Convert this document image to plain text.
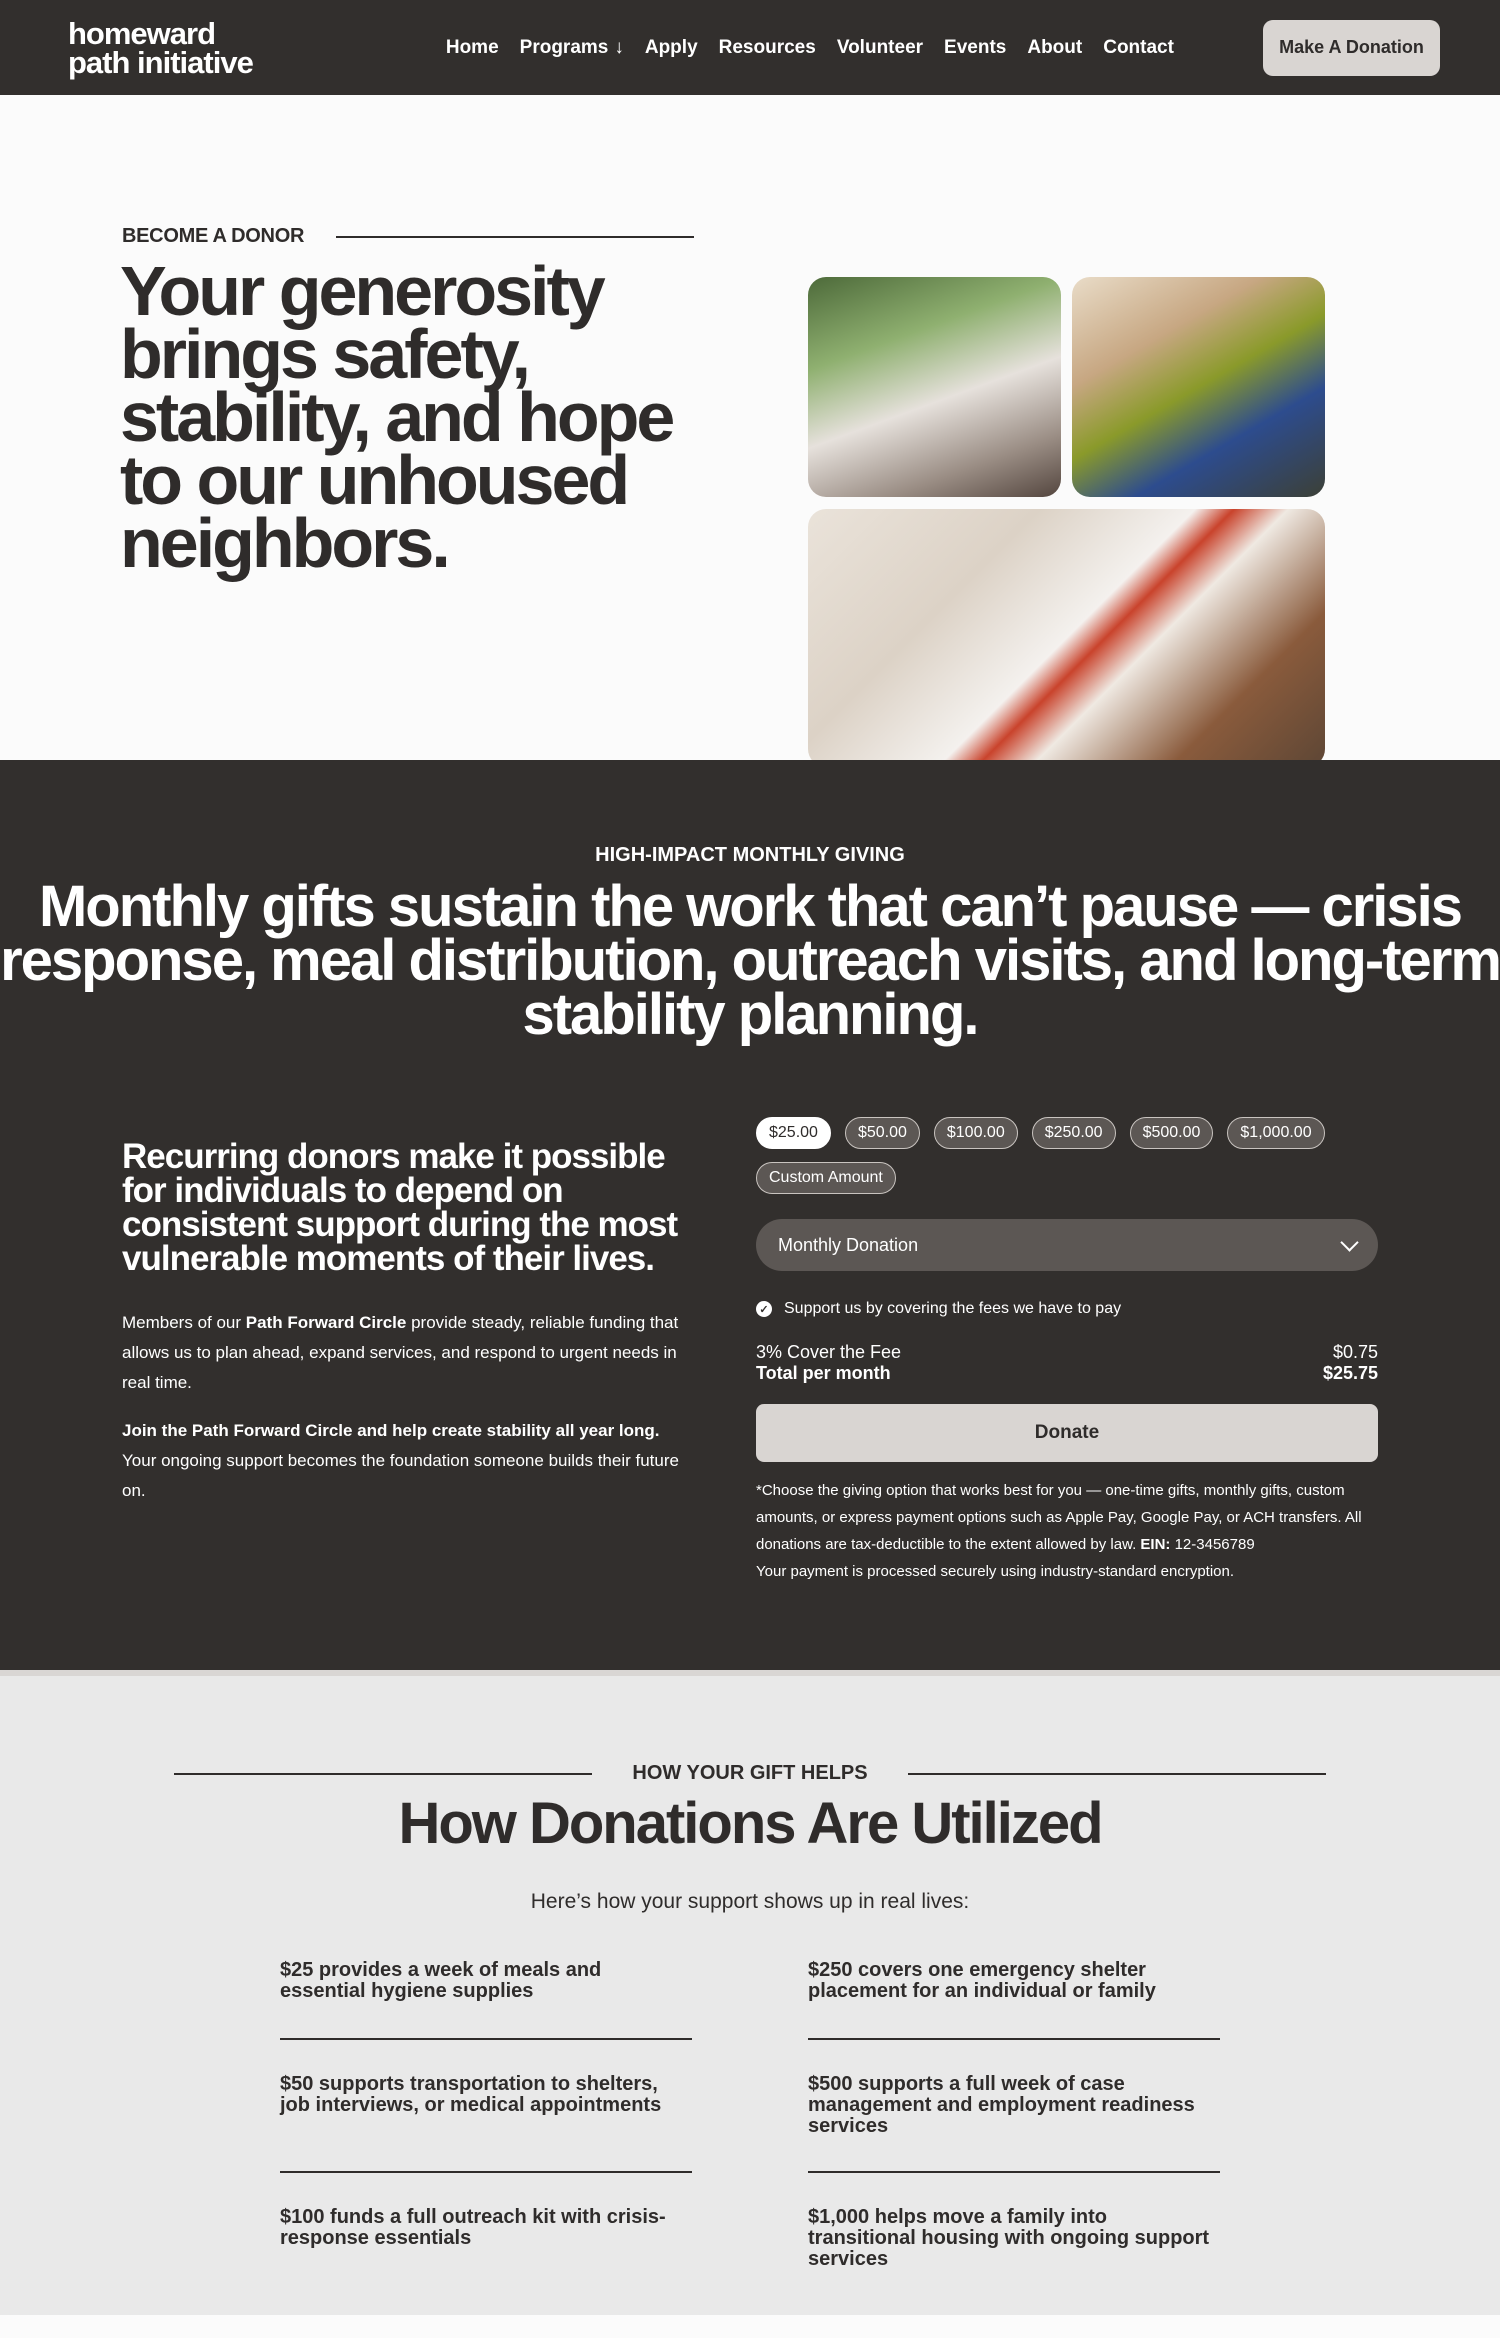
homeward
path initiative	Home Programs ↓ Apply Resources Volunteer Events About Contact	Make A Donation
BECOME A DONOR
Your generosity brings safety, stability, and hope to our unhoused neighbors.
HIGH-IMPACT MONTHLY GIVING
Monthly gifts sustain the work that can’t pause — crisis response, meal distribution, outreach visits, and long-term stability planning.

Recurring donors make it possible for individuals to depend on consistent support during the most vulnerable moments of their lives.

Members of our Path Forward Circle provide steady, reliable funding that allows us to plan ahead, expand services, and respond to urgent needs in real time.

Join the Path Forward Circle and help create stability all year long. Your ongoing support becomes the foundation someone builds their future on.

$25.00	$50.00	$100.00	$250.00	$500.00	$1,000.00
Custom Amount
Monthly Donation
✓ Support us by covering the fees we have to pay
3% Cover the Fee	$0.75
Total per month	$25.75
Donate

*Choose the giving option that works best for you — one-time gifts, monthly gifts, custom amounts, or express payment options such as Apple Pay, Google Pay, or ACH transfers. All donations are tax-deductible to the extent allowed by law. EIN: 12-3456789
Your payment is processed securely using industry-standard encryption.

HOW YOUR GIFT HELPS
How Donations Are Utilized

Here’s how your support shows up in real lives:

$25 provides a week of meals and essential hygiene supplies
$250 covers one emergency shelter placement for an individual or family
$50 supports transportation to shelters, job interviews, or medical appointments
$500 supports a full week of case management and employment readiness services
$100 funds a full outreach kit with crisis-response essentials
$1,000 helps move a family into transitional housing with ongoing support services
